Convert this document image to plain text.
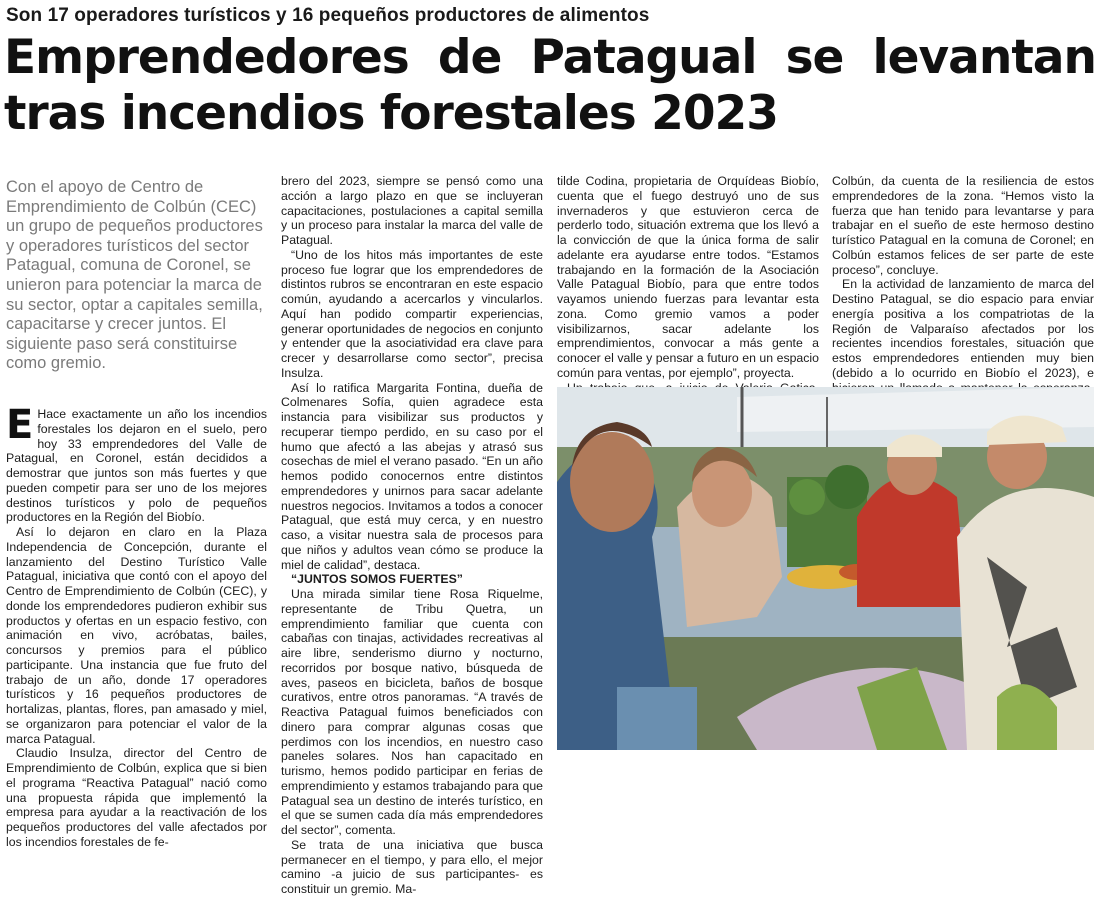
Son 17 operadores turísticos y 16 pequeños productores de alimentos
Emprendedores de Patagual se levantan
tras incendios forestales 2023

Con el apoyo de Centro de Emprendimiento de Colbún (CEC) un grupo de pequeños productores y operadores turísticos del sector Patagual, comuna de Coronel, se unieron para potenciar la marca de su sector, optar a capitales semilla, capacitarse y crecer juntos. El siguiente paso será constituirse como gremio.

E Hace exactamente un año los incendios forestales los dejaron en el suelo, pero hoy 33 emprendedores del Valle de Patagual, en Coronel, están decididos a demostrar que juntos son más fuertes y que pueden competir para ser uno de los mejores destinos turísticos y polo de pequeños productores en la Región del Biobío.

Así lo dejaron en claro en la Plaza Independencia de Concepción, durante el lanzamiento del Destino Turístico Valle Patagual, iniciativa que contó con el apoyo del Centro de Emprendimiento de Colbún (CEC), y donde los emprendedores pudieron exhibir sus productos y ofertas en un espacio festivo, con animación en vivo, acróbatas, bailes, concursos y premios para el público participante. Una instancia que fue fruto del trabajo de un año, donde 17 operadores turísticos y 16 pequeños productores de hortalizas, plantas, flores, pan amasado y miel, se organizaron para potenciar el valor de la marca Patagual.

Claudio Insulza, director del Centro de Emprendimiento de Colbún, explica que si bien el programa “Reactiva Patagual” nació como una propuesta rápida que implementó la empresa para ayudar a la reactivación de los pequeños productores del valle afectados por los incendios forestales de fe-

brero del 2023, siempre se pensó como una acción a largo plazo en que se incluyeran capacitaciones, postulaciones a capital semilla y un proceso para instalar la marca del valle de Patagual.

“Uno de los hitos más importantes de este proceso fue lograr que los emprendedores de distintos rubros se encontraran en este espacio común, ayudando a acercarlos y vincularlos. Aquí han podido compartir experiencias, generar oportunidades de negocios en conjunto y entender que la asociatividad era clave para crecer y desarrollarse como sector”, precisa Insulza.

Así lo ratifica Margarita Fontina, dueña de Colmenares Sofía, quien agradece esta instancia para visibilizar sus productos y recuperar tiempo perdido, en su caso por el humo que afectó a las abejas y atrasó sus cosechas de miel el verano pasado. “En un año hemos podido conocernos entre distintos emprendedores y unirnos para sacar adelante nuestros negocios. Invitamos a todos a conocer Patagual, que está muy cerca, y en nuestro caso, a visitar nuestra sala de procesos para que niños y adultos vean cómo se produce la miel de calidad”, destaca.

“JUNTOS SOMOS FUERTES”

Una mirada similar tiene Rosa Riquelme, representante de Tribu Quetra, un emprendimiento familiar que cuenta con cabañas con tinajas, actividades recreativas al aire libre, senderismo diurno y nocturno, recorridos por bosque nativo, búsqueda de aves, paseos en bicicleta, baños de bosque curativos, entre otros panoramas. “A través de Reactiva Patagual fuimos beneficiados con dinero para comprar algunas cosas que perdimos con los incendios, en nuestro caso paneles solares. Nos han capacitado en turismo, hemos podido participar en ferias de emprendimiento y estamos trabajando para que Patagual sea un destino de interés turístico, en el que se sumen cada día más emprendedores del sector”, comenta.

Se trata de una iniciativa que busca permanecer en el tiempo, y para ello, el mejor camino -a juicio de sus participantes- es constituir un gremio. Ma-

tilde Codina, propietaria de Orquídeas Biobío, cuenta que el fuego destruyó uno de sus invernaderos y que estuvieron cerca de perderlo todo, situación extrema que los llevó a la convicción de que la única forma de salir adelante era ayudarse entre todos. “Estamos trabajando en la formación de la Asociación Valle Patagual Biobío, para que entre todos vayamos uniendo fuerzas para levantar esta zona. Como gremio vamos a poder visibilizarnos, sacar adelante los emprendimientos, convocar a más gente a conocer el valle y pensar a futuro en un espacio común para ventas, por ejemplo”, proyecta.

Colbún, da cuenta de la resiliencia de estos emprendedores de la zona. “Hemos visto la fuerza que han tenido para levantarse y para trabajar en el sueño de este hermoso destino turístico Patagual en la comuna de Coronel; en Colbún estamos felices de ser parte de este proceso”, concluye.

En la actividad de lanzamiento de marca del Destino Patagual, se dio espacio para enviar energía positiva a los compatriotas de la Región de Valparaíso afectados por los recientes incendios forestales, situación que estos emprendedores entienden muy bien (debido a lo ocurrido en Biobío el 2023), e
